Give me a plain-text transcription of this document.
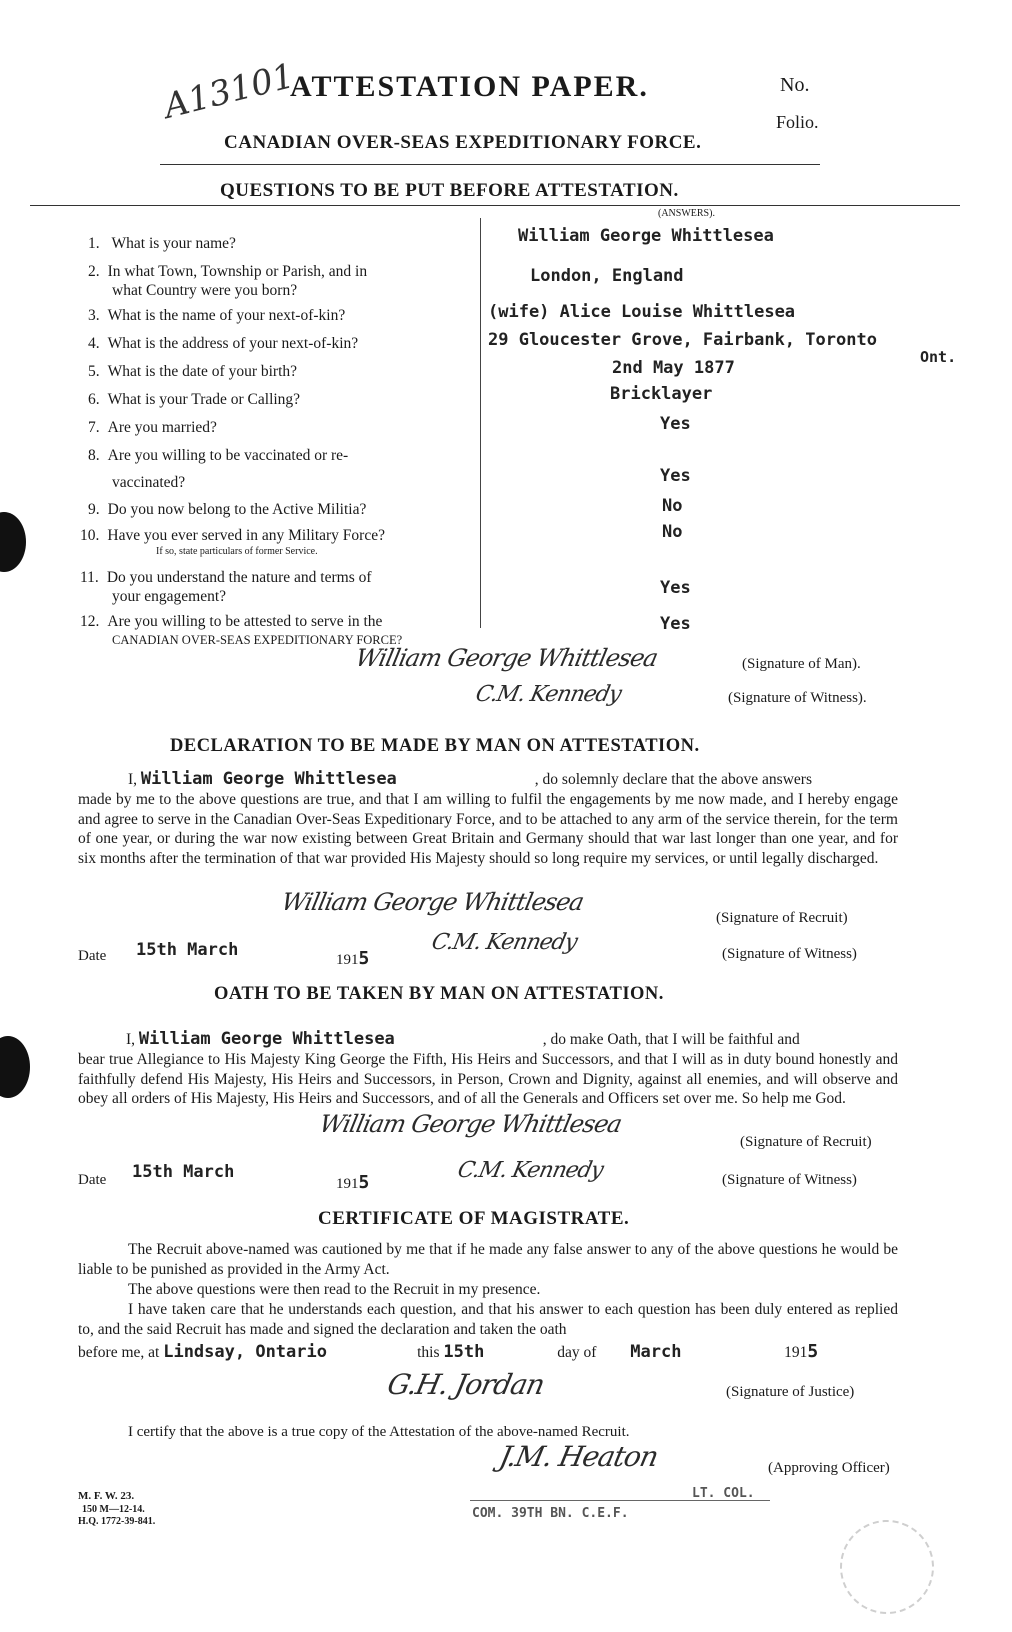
A13101
ATTESTATION PAPER.	No.
Folio.
CANADIAN OVER-SEAS EXPEDITIONARY FORCE.
QUESTIONS TO BE PUT BEFORE ATTESTATION.
(ANSWERS).
1. What is your name?	William George Whittlesea
2. In what Town, Township or Parish, and in
what Country were you born?
London, England
3. What is the name of your next-of-kin?	(wife) Alice Louise Whittlesea
4. What is the address of your next-of-kin?	29 Gloucester Grove, Fairbank, Toronto
Ont.
5. What is the date of your birth?	2nd May 1877
6. What is your Trade or Calling?	Bricklayer
7. Are you married?	Yes
8. Are you willing to be vaccinated or re-
vaccinated?	Yes
9. Do you now belong to the Active Militia?	No
10. Have you ever served in any Military Force?
If so, state particulars of former Service.
No
11. Do you understand the nature and terms of
your engagement?	Yes
12. Are you willing to be attested to serve in the
CANADIAN OVER-SEAS EXPEDITIONARY FORCE?
Yes
William George Whittlesea	(Signature of Man).
C.M. Kennedy	(Signature of Witness).
DECLARATION TO BE MADE BY MAN ON ATTESTATION.
I, William George Whittlesea	, do solemnly declare that the above answers
made by me to the above questions are true, and that I am willing to fulfil the engagements by me now made, and I hereby engage and agree to serve in the Canadian Over-Seas Expeditionary Force, and to be attached to any arm of the service therein, for the term of one year, or during the war now existing between Great Britain and Germany should that war last longer than one year, and for six months after the termination of that war provided His Majesty should so long require my services, or until legally discharged.
William George Whittlesea
(Signature of Recruit)
Date 15th March	1915
C.M. Kennedy	(Signature of Witness)
OATH TO BE TAKEN BY MAN ON ATTESTATION.
I, William George Whittlesea	, do make Oath, that I will be faithful and
bear true Allegiance to His Majesty King George the Fifth, His Heirs and Successors, and that I will as in duty bound honestly and faithfully defend His Majesty, His Heirs and Successors, in Person, Crown and Dignity, against all enemies, and will observe and obey all orders of His Majesty, His Heirs and Successors, and of all the Generals and Officers set over me. So help me God.
William George Whittlesea
(Signature of Recruit)
Date 15th March
1915	C.M. Kennedy	(Signature of Witness)
CERTIFICATE OF MAGISTRATE.
The Recruit above-named was cautioned by me that if he made any false answer to any of the above questions he would be liable to be punished as provided in the Army Act.
The above questions were then read to the Recruit in my presence.
I have taken care that he understands each question, and that his answer to each question has been duly entered as replied to, and the said Recruit has made and signed the declaration and taken the oath
before me, at Lindsay, Ontario	this 15th	day of March	1915
G.H. Jordan	(Signature of Justice)
I certify that the above is a true copy of the Attestation of the above-named Recruit.
J.M. Heaton	(Approving Officer)
LT. COL.
COM. 39TH BN. C.E.F.
M. F. W. 23.
150 M—12-14.
H.Q. 1772-39-841.
